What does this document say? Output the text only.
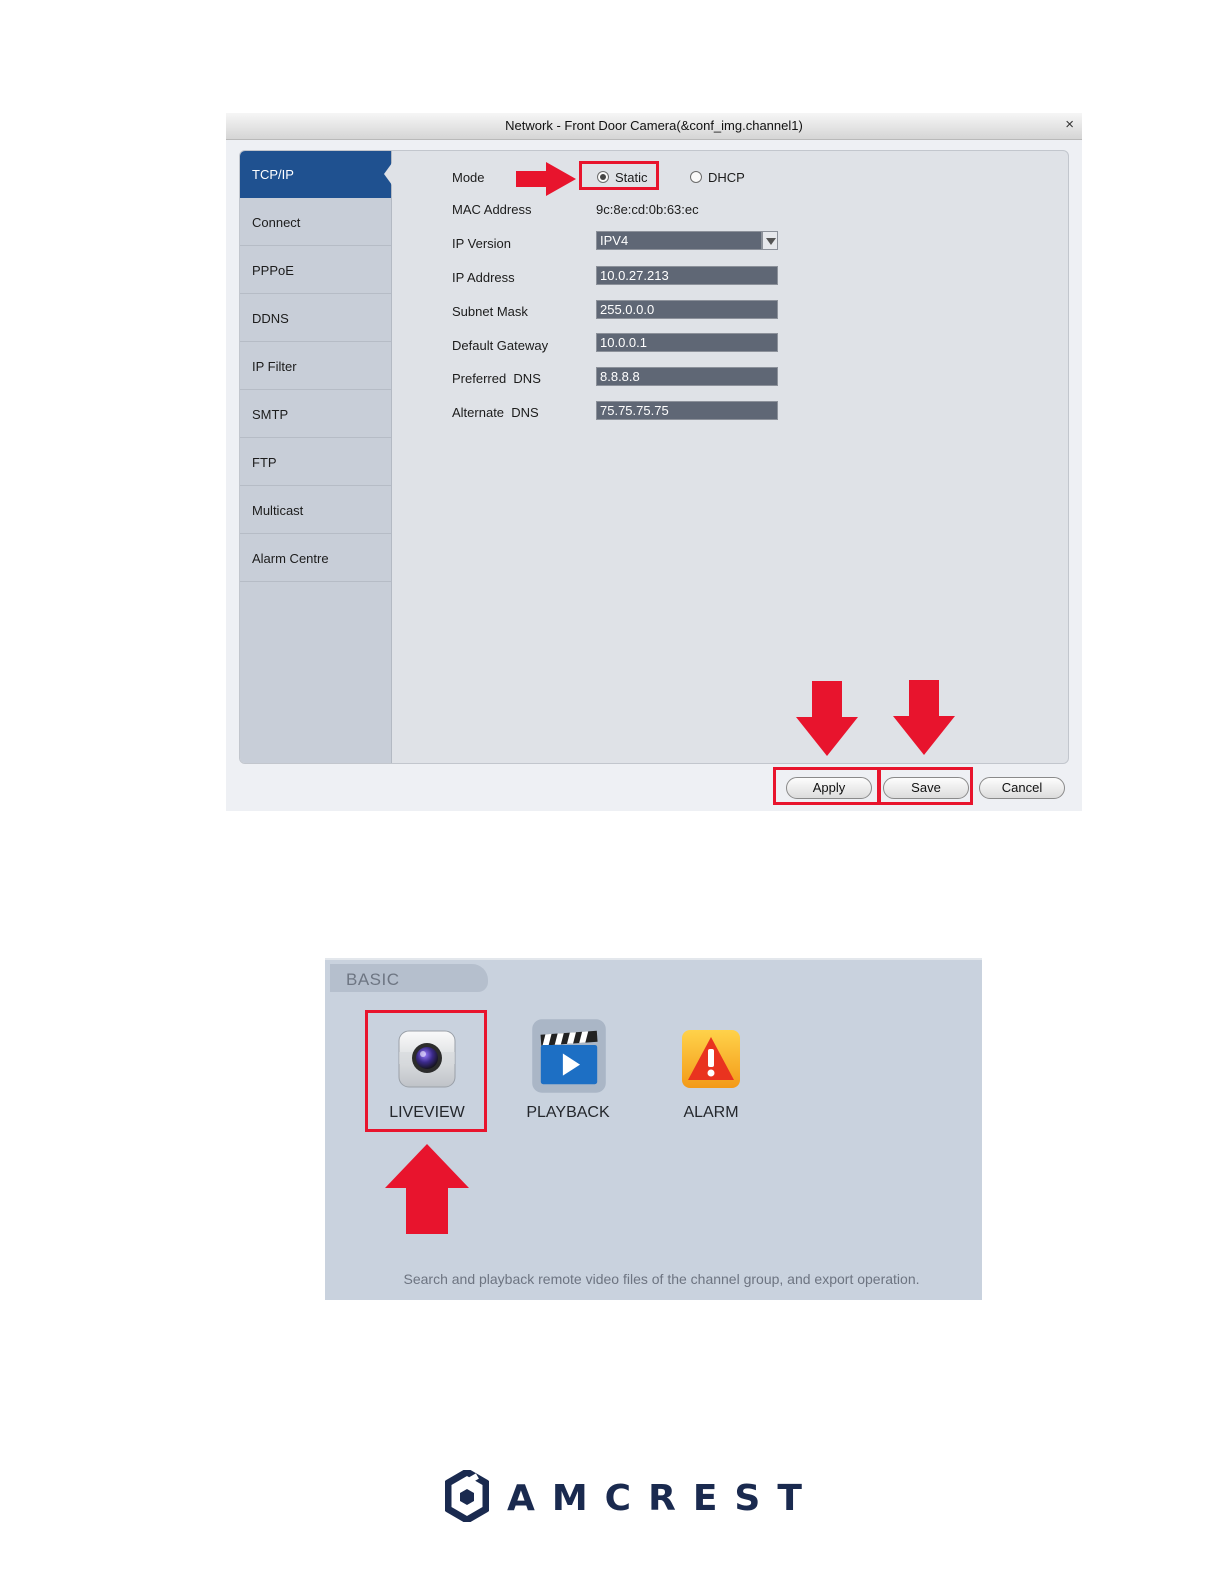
Network - Front Door Camera(&conf_img.channel1)	×
TCP/IP
Connect
PPPoE
DDNS
IP Filter
SMTP
FTP
Multicast
Alarm Centre
Mode	Static	DHCP
MAC Address	9c:8e:cd:0b:63:ec
IP Version	IPV4
IP Address	10.0.27.213
Subnet Mask	255.0.0.0
Default Gateway	10.0.0.1
Preferred  DNS	8.8.8.8
Alternate  DNS	75.75.75.75
Apply	Save	Cancel
BASIC
LIVEVIEW	PLAYBACK	ALARM
Search and playback remote video files of the channel group, and export operation.
AMCREST
